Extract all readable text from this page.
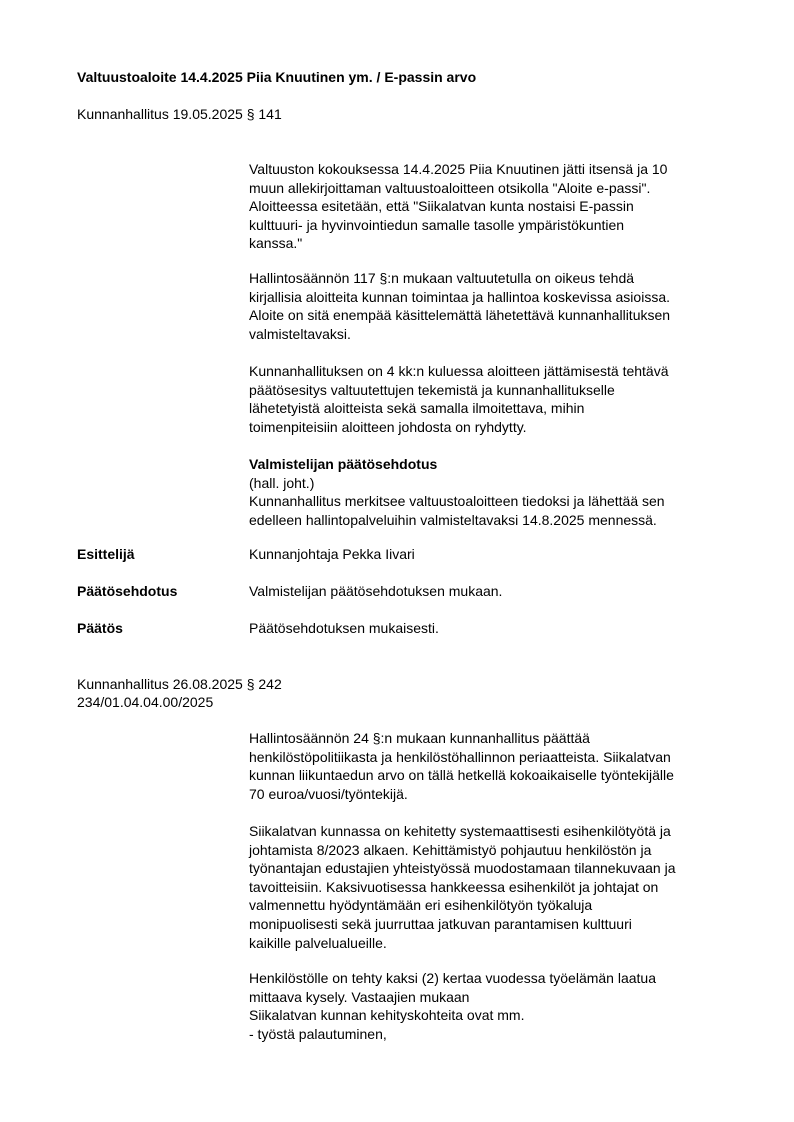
Valtuustoaloite 14.4.2025 Piia Knuutinen ym. / E-passin arvo
Kunnanhallitus 19.05.2025 § 141
Valtuuston kokouksessa 14.4.2025 Piia Knuutinen jätti itsensä ja 10
muun allekirjoittaman valtuustoaloitteen otsikolla "Aloite e-passi".
Aloitteessa esitetään, että "Siikalatvan kunta nostaisi E-passin
kulttuuri- ja hyvinvointiedun samalle tasolle ympäristökuntien
kanssa."
Hallintosäännön 117 §:n mukaan valtuutetulla on oikeus tehdä
kirjallisia aloitteita kunnan toimintaa ja hallintoa koskevissa asioissa.
Aloite on sitä enempää käsittelemättä lähetettävä kunnanhallituksen
valmisteltavaksi.
Kunnanhallituksen on 4 kk:n kuluessa aloitteen jättämisestä tehtävä
päätösesitys valtuutettujen tekemistä ja kunnanhallitukselle
lähetetyistä aloitteista sekä samalla ilmoitettava, mihin
toimenpiteisiin aloitteen johdosta on ryhdytty.
Valmistelijan päätösehdotus
(hall. joht.)
Kunnanhallitus merkitsee valtuustoaloitteen tiedoksi ja lähettää sen
edelleen hallintopalveluihin valmisteltavaksi 14.8.2025 mennessä.
Esittelijä	Kunnanjohtaja Pekka Iivari
Päätösehdotus	Valmistelijan päätösehdotuksen mukaan.
Päätös	Päätösehdotuksen mukaisesti.
Kunnanhallitus 26.08.2025 § 242
234/01.04.04.00/2025
Hallintosäännön 24 §:n mukaan kunnanhallitus päättää
henkilöstöpolitiikasta ja henkilöstöhallinnon periaatteista. Siikalatvan
kunnan liikuntaedun arvo on tällä hetkellä kokoaikaiselle työntekijälle
70 euroa/vuosi/työntekijä.
Siikalatvan kunnassa on kehitetty systemaattisesti esihenkilötyötä ja
johtamista 8/2023 alkaen. Kehittämistyö pohjautuu henkilöstön ja
työnantajan edustajien yhteistyössä muodostamaan tilannekuvaan ja
tavoitteisiin. Kaksivuotisessa hankkeessa esihenkilöt ja johtajat on
valmennettu hyödyntämään eri esihenkilötyön työkaluja
monipuolisesti sekä juurruttaa jatkuvan parantamisen kulttuuri
kaikille palvelualueille.
Henkilöstölle on tehty kaksi (2) kertaa vuodessa työelämän laatua
mittaava kysely. Vastaajien mukaan
Siikalatvan kunnan kehityskohteita ovat mm.
- työstä palautuminen,
